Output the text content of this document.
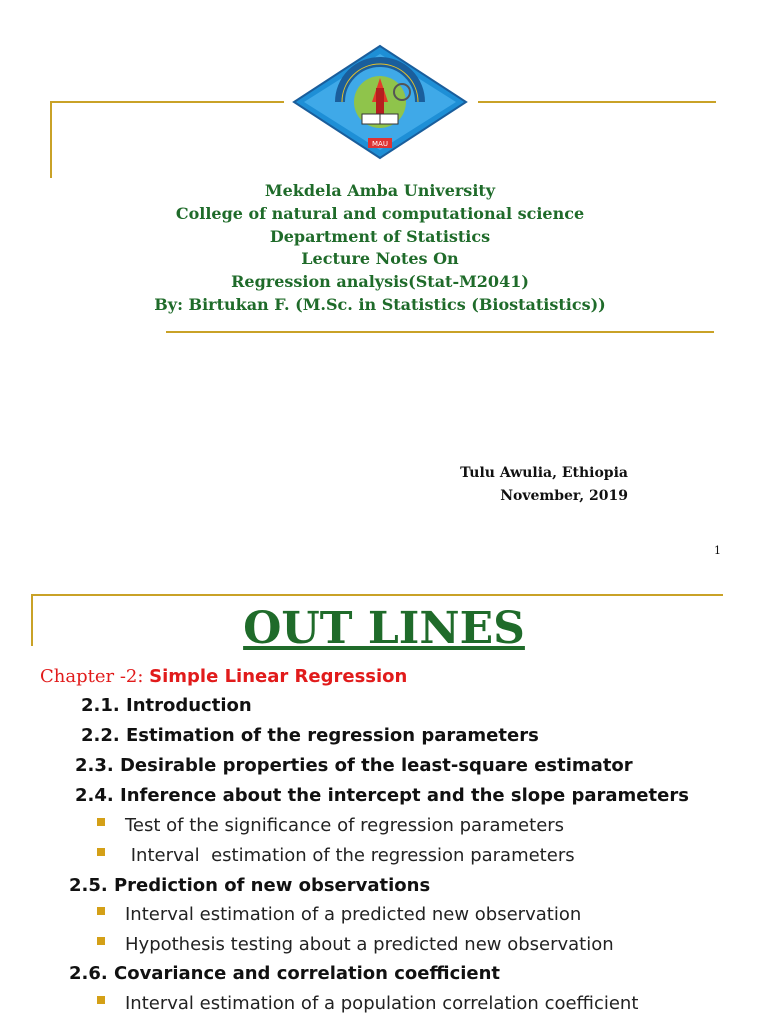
MAU
Mekdela Amba University
College of natural and computational science
Department of Statistics
Lecture Notes On
Regression analysis(Stat-M2041)
By: Birtukan F. (M.Sc. in Statistics (Biostatistics))
Tulu Awulia, Ethiopia
November, 2019
1
OUT LINES
Chapter -2: Simple Linear Regression
2.1. Introduction
2.2. Estimation of the regression parameters
2.3. Desirable properties of the least-square estimator
2.4. Inference about the intercept and the slope parameters
Test of the significance of regression parameters
Interval  estimation of the regression parameters
2.5. Prediction of new observations
Interval estimation of a predicted new observation
Hypothesis testing about a predicted new observation
2.6. Covariance and correlation coefficient
Interval estimation of a population correlation coefficient
